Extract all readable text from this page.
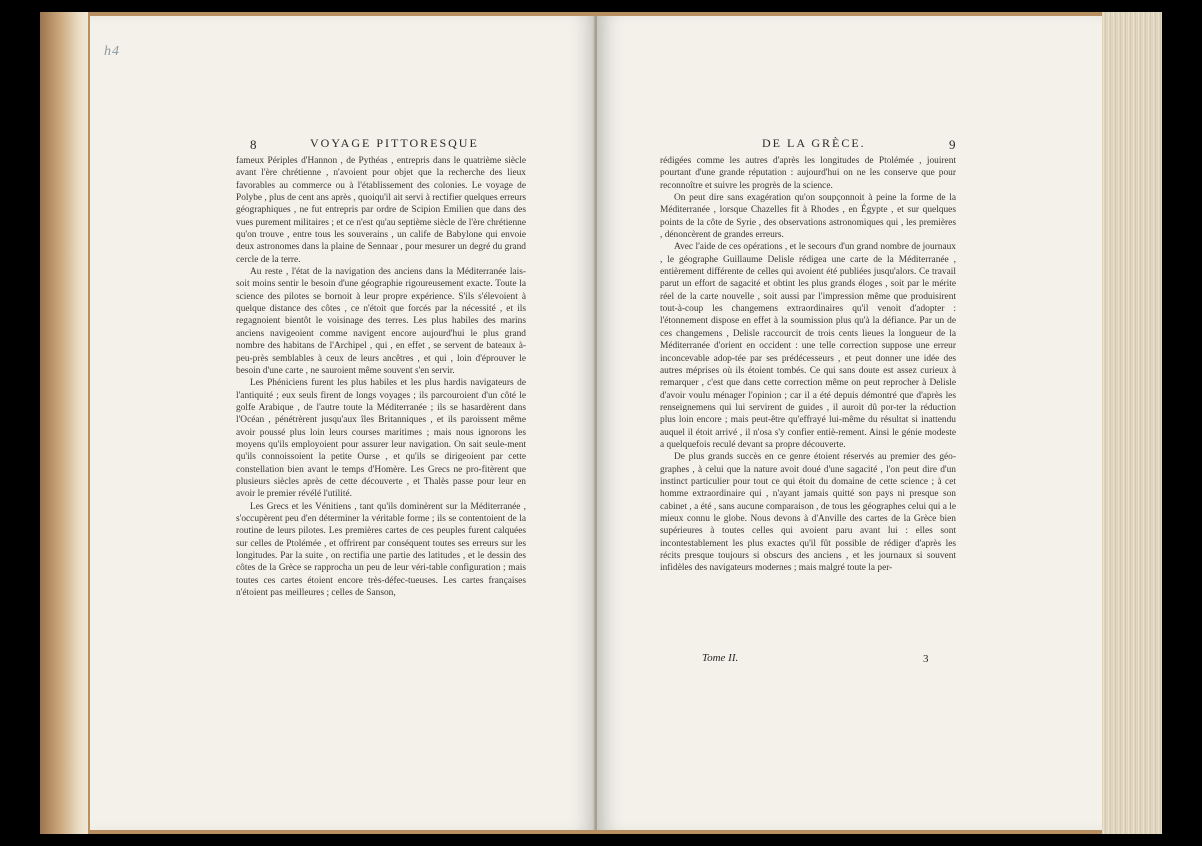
h4
8	VOYAGE PITTORESQUE

fameux Périples d'Hannon , de Pythéas , entrepris dans le quatrième siècle avant l'ère chrétienne , n'avoient pour objet que la recherche des lieux favorables au commerce ou à l'établissement des colonies. Le voyage de Polybe , plus de cent ans après , quoiqu'il ait servi à rectifier quelques erreurs géographiques , ne fut entrepris par ordre de Scipion Emilien que dans des vues purement militaires ; et ce n'est qu'au septième siècle de l'ère chrétienne qu'on trouve , entre tous les souverains , un calife de Babylone qui envoie deux astronomes dans la plaine de Sennaar , pour mesurer un degré du grand cercle de la terre.

Au reste , l'état de la navigation des anciens dans la Méditerranée lais-soit moins sentir le besoin d'une géographie rigoureusement exacte. Toute la science des pilotes se bornoit à leur propre expérience. S'ils s'élevoient à quelque distance des côtes , ce n'étoit que forcés par la nécessité , et ils regagnoient bientôt le voisinage des terres. Les plus habiles des marins anciens navigeoient comme navigent encore aujourd'hui le plus grand nombre des habitans de l'Archipel , qui , en effet , se servent de bateaux à-peu-près semblables à ceux de leurs ancêtres , et qui , loin d'éprouver le besoin d'une carte , ne sauroient même souvent s'en servir.

Les Phéniciens furent les plus habiles et les plus hardis navigateurs de l'antiquité ; eux seuls firent de longs voyages ; ils parcouroient d'un côté le golfe Arabique , de l'autre toute la Méditerranée ; ils se hasardèrent dans l'Océan , pénétrèrent jusqu'aux îles Britanniques , et ils paroissent même avoir poussé plus loin leurs courses maritimes ; mais nous ignorons les moyens qu'ils employoient pour assurer leur navigation. On sait seule-ment qu'ils connoissoient la petite Ourse , et qu'ils se dirigeoient par cette constellation bien avant le temps d'Homère. Les Grecs ne pro-fitèrent que plusieurs siècles après de cette découverte , et Thalès passe pour leur en avoir le premier révélé l'utilité.

Les Grecs et les Vénitiens , tant qu'ils dominèrent sur la Méditerranée , s'occupèrent peu d'en déterminer la véritable forme ; ils se contentoient de la routine de leurs pilotes. Les premières cartes de ces peuples furent calquées sur celles de Ptolémée , et offrirent par conséquent toutes ses erreurs sur les longitudes. Par la suite , on rectifia une partie des latitudes , et le dessin des côtes de la Grèce se rapprocha un peu de leur véri-table configuration ; mais toutes ces cartes étoient encore très-défec-tueuses. Les cartes françaises n'étoient pas meilleures ; celles de Sanson,

DE LA GRÈCE.	9

rédigées comme les autres d'après les longitudes de Ptolémée , jouirent pourtant d'une grande réputation : aujourd'hui on ne les conserve que pour reconnoître et suivre les progrès de la science.

On peut dire sans exagération qu'on soupçonnoit à peine la forme de la Méditerranée , lorsque Chazelles fit à Rhodes , en Égypte , et sur quelques points de la côte de Syrie , des observations astronomiques qui , les premières , dénoncèrent de grandes erreurs.

Avec l'aide de ces opérations , et le secours d'un grand nombre de journaux , le géographe Guillaume Delisle rédigea une carte de la Méditerranée , entièrement différente de celles qui avoient été publiées jusqu'alors. Ce travail parut un effort de sagacité et obtint les plus grands éloges , soit par le mérite réel de la carte nouvelle , soit aussi par l'impression même que produisirent tout-à-coup les changemens extraordinaires qu'il venoit d'adopter : l'étonnement dispose en effet à la soumission plus qu'à la défiance. Par un de ces changemens , Delisle raccourcit de trois cents lieues la longueur de la Méditerranée d'orient en occident : une telle correction suppose une erreur inconcevable adop-tée par ses prédécesseurs , et peut donner une idée des autres méprises où ils étoient tombés. Ce qui sans doute est assez curieux à remarquer , c'est que dans cette correction même on peut reprocher à Delisle d'avoir voulu ménager l'opinion ; car il a été depuis démontré que d'après les renseignemens qui lui servirent de guides , il auroit dû por-ter la réduction plus loin encore ; mais peut-être qu'effrayé lui-même du résultat si inattendu auquel il étoit arrivé , il n'osa s'y confier entiè-rement. Ainsi le génie modeste a quelquefois reculé devant sa propre découverte.

De plus grands succès en ce genre étoient réservés au premier des géo-graphes , à celui que la nature avoit doué d'une sagacité , l'on peut dire d'un instinct particulier pour tout ce qui étoit du domaine de cette science ; à cet homme extraordinaire qui , n'ayant jamais quitté son pays ni presque son cabinet , a été , sans aucune comparaison , de tous les géographes celui qui a le mieux connu le globe. Nous devons à d'Anville des cartes de la Grèce bien supérieures à toutes celles qui avoient paru avant lui : elles sont incontestablement les plus exactes qu'il fût possible de rédiger d'après les récits presque toujours si obscurs des anciens , et les journaux si souvent infidèles des navigateurs modernes ; mais malgré toute la per-

Tome II.	3
